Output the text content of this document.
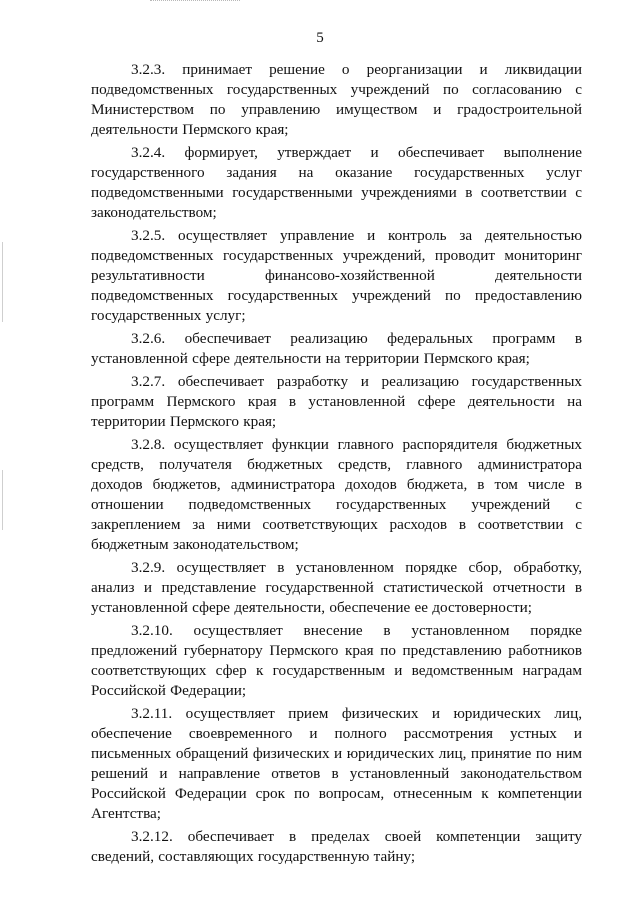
5

3.2.3. принимает решение о реорганизации и ликвидации подведомственных государственных учреждений по согласованию с Министерством по управлению имуществом и градостроительной деятельности Пермского края;

3.2.4. формирует, утверждает и обеспечивает выполнение государственного задания на оказание государственных услуг подведомственными государственными учреждениями в соответствии с законодательством;

3.2.5. осуществляет управление и контроль за деятельностью подведомственных государственных учреждений, проводит мониторинг результативности финансово-хозяйственной деятельности подведомственных государственных учреждений по предоставлению государственных услуг;

3.2.6. обеспечивает реализацию федеральных программ в установленной сфере деятельности на территории Пермского края;

3.2.7. обеспечивает разработку и реализацию государственных программ Пермского края в установленной сфере деятельности на территории Пермского края;

3.2.8. осуществляет функции главного распорядителя бюджетных средств, получателя бюджетных средств, главного администратора доходов бюджетов, администратора доходов бюджета, в том числе в отношении подведомственных государственных учреждений с закреплением за ними соответствующих расходов в соответствии с бюджетным законодательством;

3.2.9. осуществляет в установленном порядке сбор, обработку, анализ и представление государственной статистической отчетности в установленной сфере деятельности, обеспечение ее достоверности;

3.2.10. осуществляет внесение в установленном порядке предложений губернатору Пермского края по представлению работников соответствующих сфер к государственным и ведомственным наградам Российской Федерации;

3.2.11. осуществляет прием физических и юридических лиц, обеспечение своевременного и полного рассмотрения устных и письменных обращений физических и юридических лиц, принятие по ним решений и направление ответов в установленный законодательством Российской Федерации срок по вопросам, отнесенным к компетенции Агентства;

3.2.12. обеспечивает в пределах своей компетенции защиту сведений, составляющих государственную тайну;
